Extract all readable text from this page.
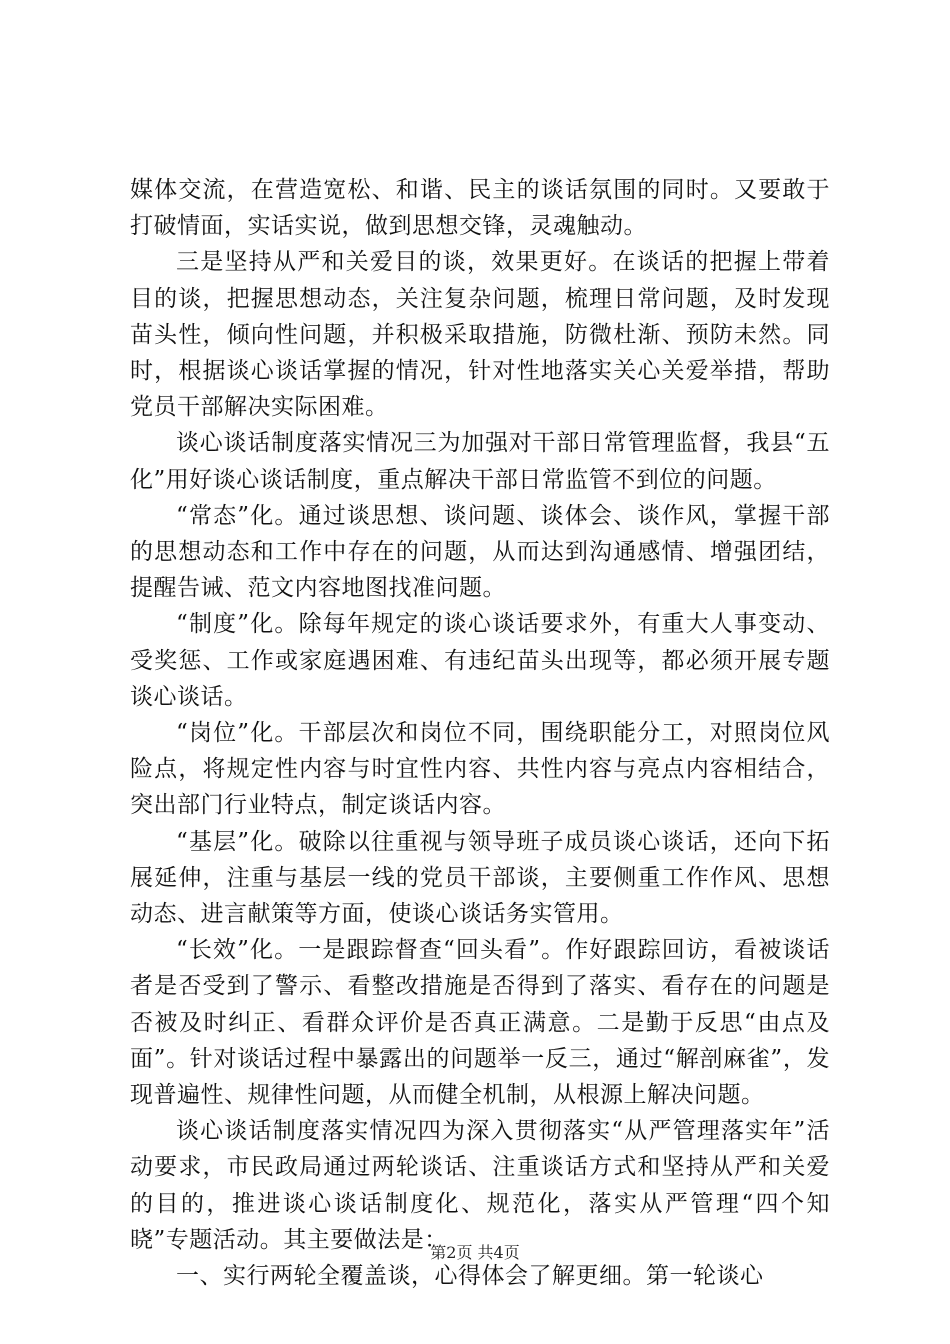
媒体交流，在营造宽松、和谐、民主的谈话氛围的同时。又要敢于打破情面，实话实说，做到思想交锋，灵魂触动。

三是坚持从严和关爱目的谈，效果更好。在谈话的把握上带着目的谈，把握思想动态，关注复杂问题，梳理日常问题，及时发现苗头性，倾向性问题，并积极采取措施，防微杜渐、预防未然。同时，根据谈心谈话掌握的情况，针对性地落实关心关爱举措，帮助党员干部解决实际困难。

谈心谈话制度落实情况三为加强对干部日常管理监督，我县“五化”用好谈心谈话制度，重点解决干部日常监管不到位的问题。

“常态”化。通过谈思想、谈问题、谈体会、谈作风，掌握干部的思想动态和工作中存在的问题，从而达到沟通感情、增强团结，提醒告诫、范文内容地图找准问题。

“制度”化。除每年规定的谈心谈话要求外，有重大人事变动、受奖惩、工作或家庭遇困难、有违纪苗头出现等，都必须开展专题谈心谈话。

“岗位”化。干部层次和岗位不同，围绕职能分工，对照岗位风险点，将规定性内容与时宜性内容、共性内容与亮点内容相结合，突出部门行业特点，制定谈话内容。

“基层”化。破除以往重视与领导班子成员谈心谈话，还向下拓展延伸，注重与基层一线的党员干部谈，主要侧重工作作风、思想动态、进言献策等方面，使谈心谈话务实管用。

“长效”化。一是跟踪督查“回头看”。作好跟踪回访，看被谈话者是否受到了警示、看整改措施是否得到了落实、看存在的问题是否被及时纠正、看群众评价是否真正满意。二是勤于反思“由点及面”。针对谈话过程中暴露出的问题举一反三，通过“解剖麻雀”，发现普遍性、规律性问题，从而健全机制，从根源上解决问题。

谈心谈话制度落实情况四为深入贯彻落实“从严管理落实年”活动要求，市民政局通过两轮谈话、注重谈话方式和坚持从严和关爱的目的，推进谈心谈话制度化、规范化，落实从严管理“四个知晓”专题活动。其主要做法是：

一、实行两轮全覆盖谈，心得体会了解更细。第一轮谈心

第2页 共4页
